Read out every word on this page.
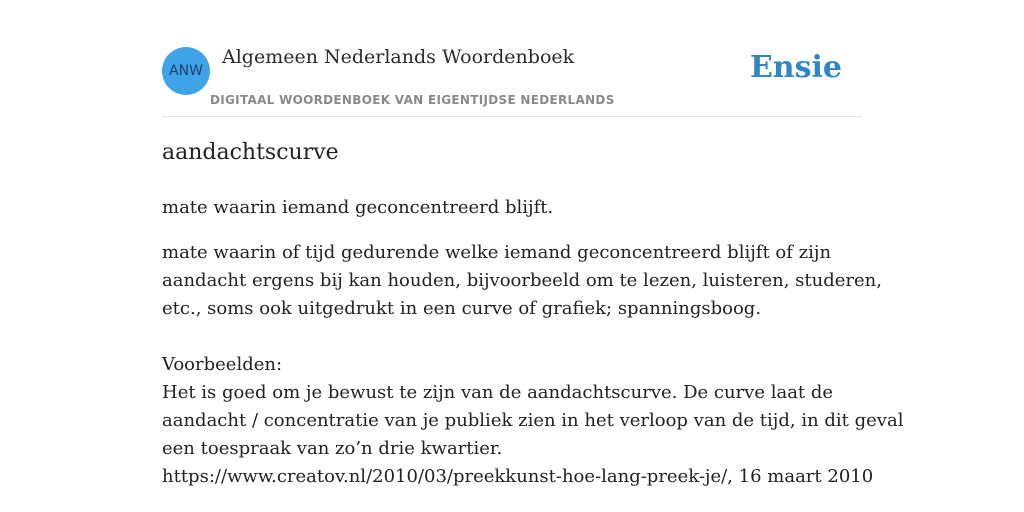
ANW
Algemeen Nederlands Woordenboek
DIGITAAL WOORDENBOEK VAN EIGENTIJDSE NEDERLANDS
Ensie
aandachtscurve

mate waarin iemand geconcentreerd blijft.

mate waarin of tijd gedurende welke iemand geconcentreerd blijft of zijn
aandacht ergens bij kan houden, bijvoorbeeld om te lezen, luisteren, studeren,
etc., soms ook uitgedrukt in een curve of grafiek; spanningsboog.

Voorbeelden:
Het is goed om je bewust te zijn van de aandachtscurve. De curve laat de
aandacht / concentratie van je publiek zien in het verloop van de tijd, in dit geval
een toespraak van zo’n drie kwartier.
https://www.creatov.nl/2010/03/preekkunst-hoe-lang-preek-je/, 16 maart 2010
